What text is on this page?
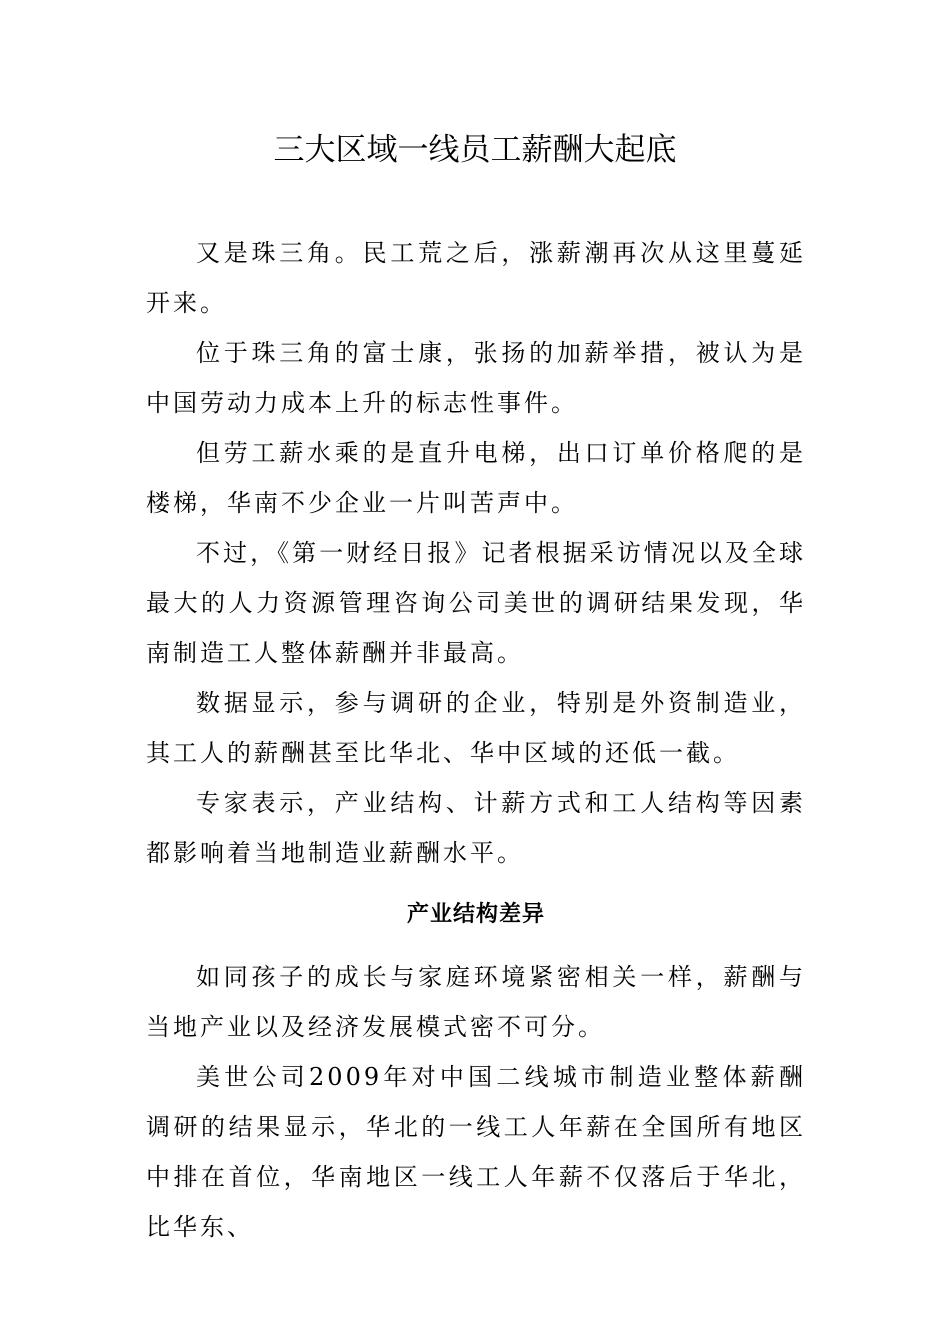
三大区域一线员工薪酬大起底

又是珠三角。民工荒之后，涨薪潮再次从这里蔓延开来。

位于珠三角的富士康，张扬的加薪举措，被认为是中国劳动力成本上升的标志性事件。

但劳工薪水乘的是直升电梯，出口订单价格爬的是楼梯，华南不少企业一片叫苦声中。

不过，《第一财经日报》记者根据采访情况以及全球最大的人力资源管理咨询公司美世的调研结果发现，华南制造工人整体薪酬并非最高。

数据显示，参与调研的企业，特别是外资制造业，其工人的薪酬甚至比华北、华中区域的还低一截。

专家表示，产业结构、计薪方式和工人结构等因素都影响着当地制造业薪酬水平。

产业结构差异

如同孩子的成长与家庭环境紧密相关一样，薪酬与当地产业以及经济发展模式密不可分。

美世公司2009年对中国二线城市制造业整体薪酬调研的结果显示，华北的一线工人年薪在全国所有地区中排在首位，华南地区一线工人年薪不仅落后于华北，比华东、
